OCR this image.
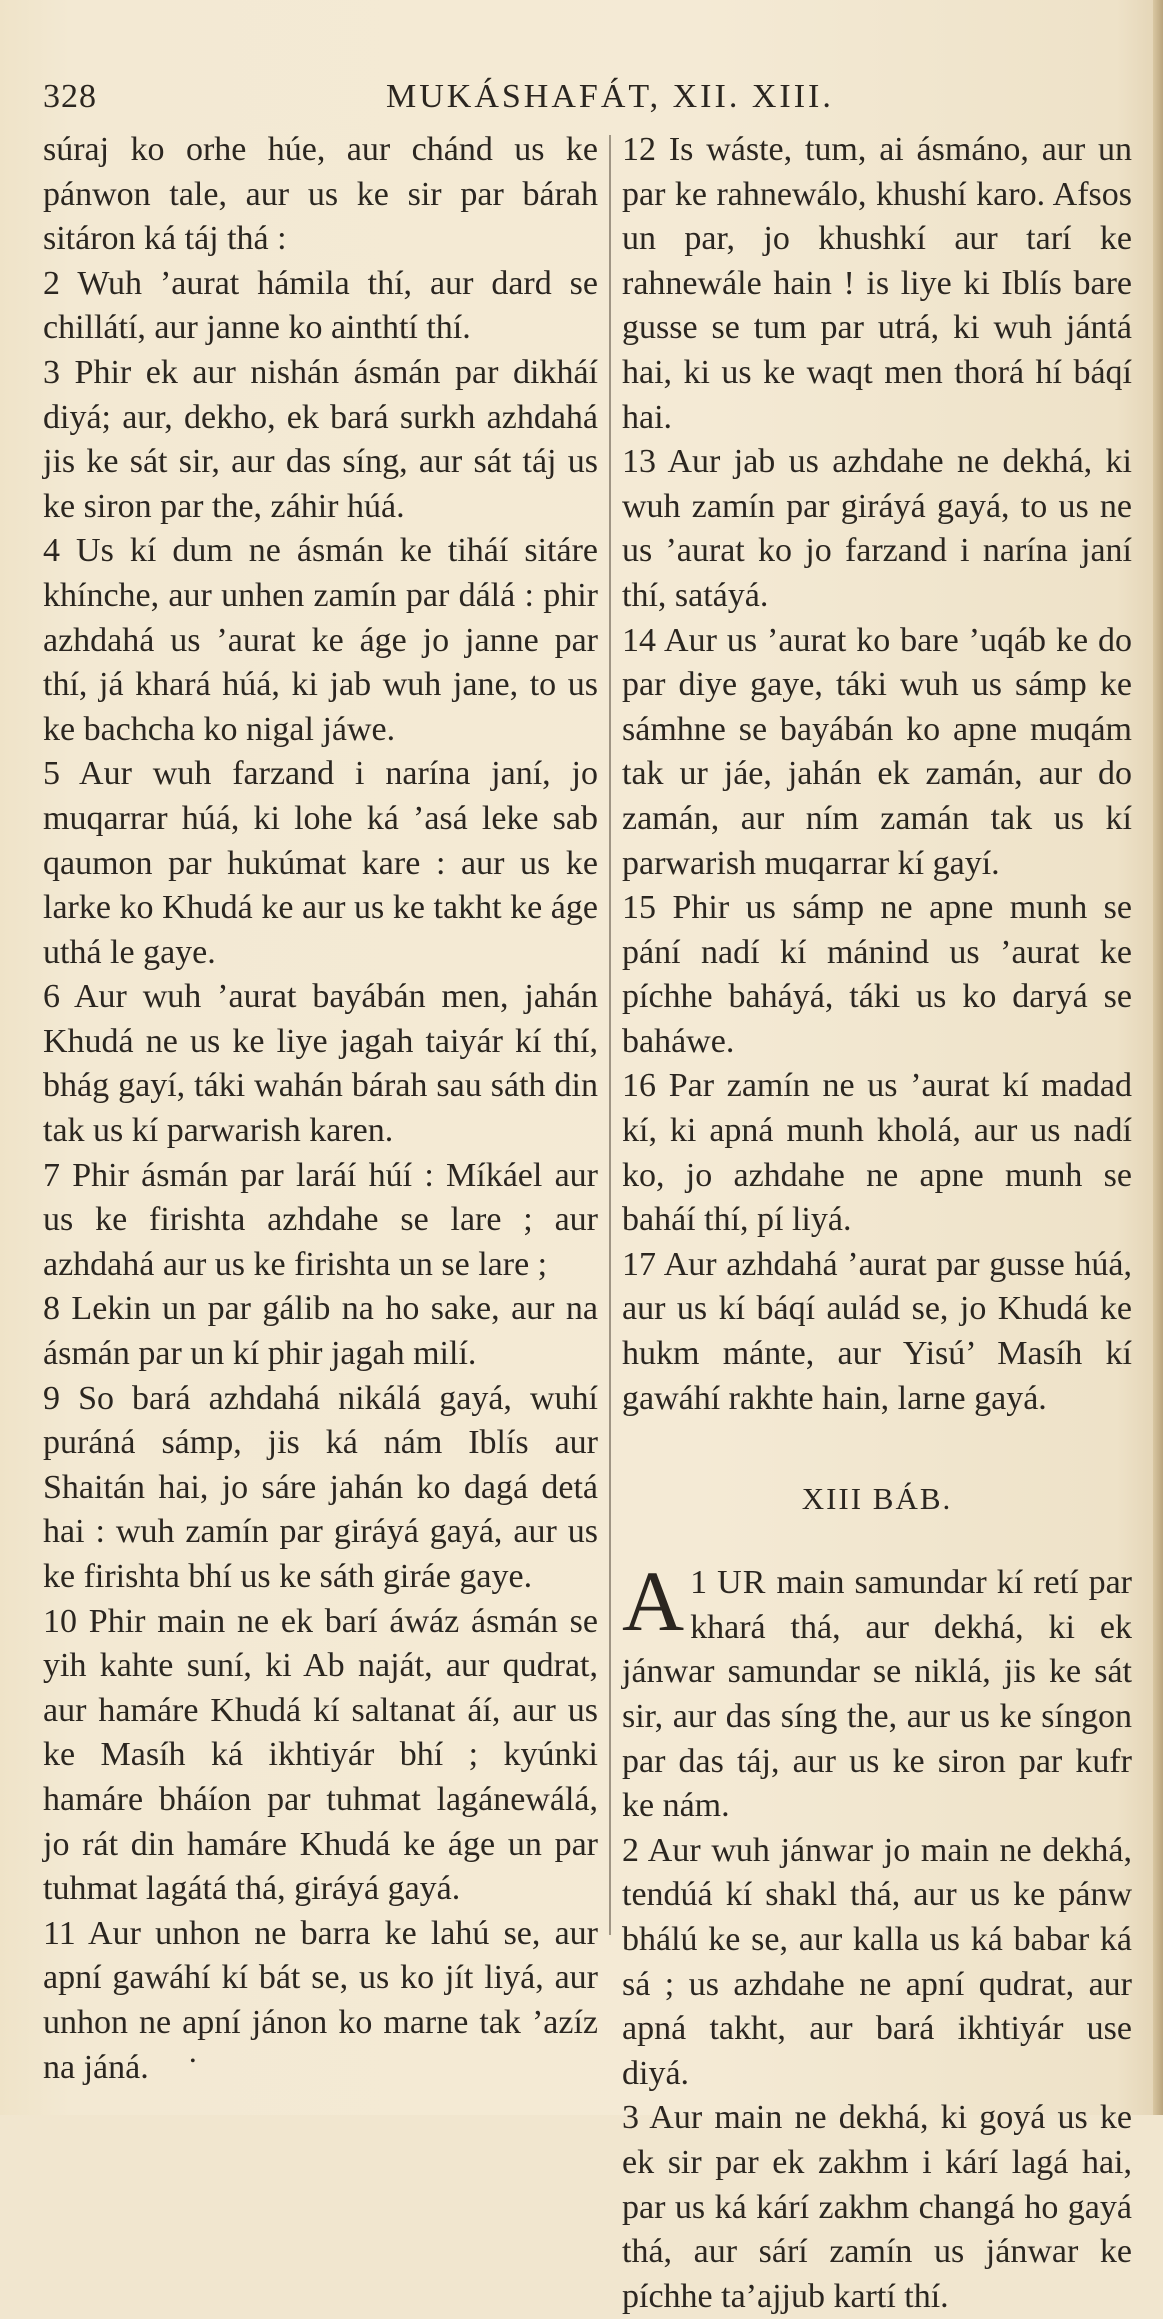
328	MUKÁSHAFÁT, XII. XIII.

súraj ko orhe húe, aur chánd us ke pánwon tale, aur us ke sir par bárah sitáron ká táj thá :

2 Wuh ’aurat hámila thí, aur dard se chillátí, aur janne ko ainthtí thí.

3 Phir ek aur nishán ásmán par dikháí diyá; aur, dekho, ek bará surkh azhdahá jis ke sát sir, aur das síng, aur sát táj us ke siron par the, záhir húá.

4 Us kí dum ne ásmán ke tiháí sitáre khínche, aur unhen zamín par dálá : phir azhdahá us ’aurat ke áge jo janne par thí, já khará húá, ki jab wuh jane, to us ke bachcha ko nigal jáwe.

5 Aur wuh farzand i narína janí, jo muqarrar húá, ki lohe ká ’asá leke sab qaumon par hukúmat kare : aur us ke larke ko Khudá ke aur us ke takht ke áge uthá le gaye.

6 Aur wuh ’aurat bayábán men, jahán Khudá ne us ke liye jagah taiyár kí thí, bhág gayí, táki wahán bárah sau sáth din tak us kí parwarish karen.

7 Phir ásmán par laráí húí : Míkáel aur us ke firishta azhdahe se lare ; aur azhdahá aur us ke firishta un se lare ;

8 Lekin un par gálib na ho sake, aur na ásmán par un kí phir jagah milí.

9 So bará azhdahá nikálá gayá, wuhí puráná sámp, jis ká nám Iblís aur Shaitán hai, jo sáre jahán ko dagá detá hai : wuh zamín par giráyá gayá, aur us ke firishta bhí us ke sáth giráe gaye.

10 Phir main ne ek barí áwáz ásmán se yih kahte suní, ki Ab naját, aur qudrat, aur hamáre Khudá kí saltanat áí, aur us ke Masíh ká ikhtiyár bhí ; kyúnki hamáre bháíon par tuhmat lagánewálá, jo rát din hamáre Khudá ke áge un par tuhmat lagátá thá, giráyá gayá.

11 Aur unhon ne barra ke lahú se, aur apní gawáhí kí bát se, us ko jít liyá, aur unhon ne apní jánon ko marne tak ’azíz na jáná.

12 Is wáste, tum, ai ásmáno, aur un par ke rahnewálo, khushí karo. Afsos un par, jo khushkí aur tarí ke rahnewále hain ! is liye ki Iblís bare gusse se tum par utrá, ki wuh jántá hai, ki us ke waqt men thorá hí báqí hai.

13 Aur jab us azhdahe ne dekhá, ki wuh zamín par giráyá gayá, to us ne us ’aurat ko jo farzand i narína janí thí, satáyá.

14 Aur us ’aurat ko bare ’uqáb ke do par diye gaye, táki wuh us sámp ke sámhne se bayábán ko apne muqám tak ur jáe, jahán ek zamán, aur do zamán, aur ním zamán tak us kí parwarish muqarrar kí gayí.

15 Phir us sámp ne apne munh se pání nadí kí mánind us ’aurat ke píchhe baháyá, táki us ko daryá se baháwe.

16 Par zamín ne us ’aurat kí madad kí, ki apná munh kholá, aur us nadí ko, jo azhdahe ne apne munh se baháí thí, pí liyá.

17 Aur azhdahá ’aurat par gusse húá, aur us kí báqí aulád se, jo Khudá ke hukm mánte, aur Yisú’ Masíh kí gawáhí rakhte hain, larne gayá.

XIII BÁB.

1
A UR main samundar kí retí par khará thá, aur dekhá, ki ek jánwar samundar se niklá, jis ke sát sir, aur das síng the, aur us ke síngon par das táj, aur us ke siron par kufr ke nám.

2 Aur wuh jánwar jo main ne dekhá, tendúá kí shakl thá, aur us ke pánw bhálú ke se, aur kalla us ká babar ká sá ; us azhdahe ne apní qudrat, aur apná takht, aur bará ikhtiyár use diyá.

3 Aur main ne dekhá, ki goyá us ke ek sir par ek zakhm i kárí lagá hai, par us ká kárí zakhm changá ho gayá thá, aur sárí zamín us jánwar ke píchhe ta’ajjub kartí thí.

•
